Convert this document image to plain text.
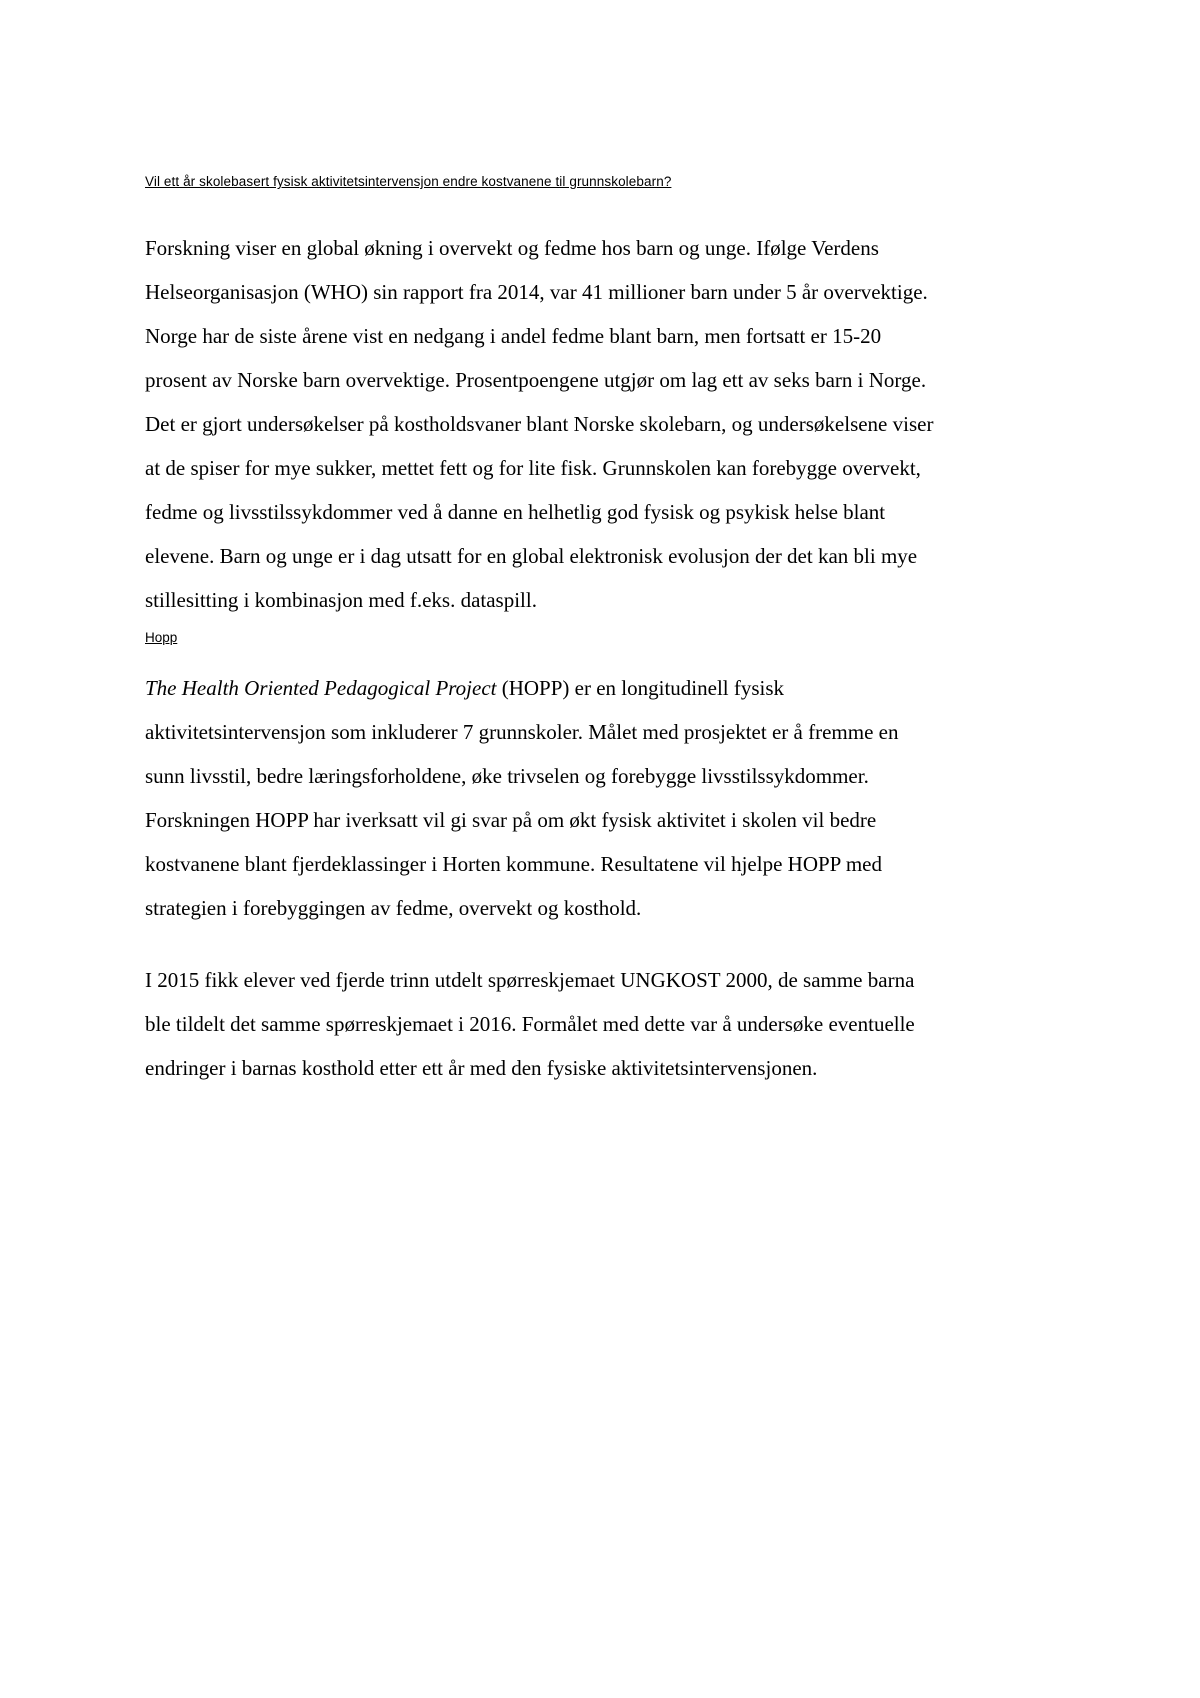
Vil ett år skolebasert fysisk aktivitetsintervensjon endre kostvanene til grunnskolebarn?
Forskning viser en global økning i overvekt og fedme hos barn og unge. Ifølge Verdens
Helseorganisasjon (WHO) sin rapport fra 2014, var 41 millioner barn under 5 år overvektige.
Norge har de siste årene vist en nedgang i andel fedme blant barn, men fortsatt er 15-20
prosent av Norske barn overvektige. Prosentpoengene utgjør om lag ett av seks barn i Norge.
Det er gjort undersøkelser på kostholdsvaner blant Norske skolebarn, og undersøkelsene viser
at de spiser for mye sukker, mettet fett og for lite fisk. Grunnskolen kan forebygge overvekt,
fedme og livsstilssykdommer ved å danne en helhetlig god fysisk og psykisk helse blant
elevene. Barn og unge er i dag utsatt for en global elektronisk evolusjon der det kan bli mye
stillesitting i kombinasjon med f.eks. dataspill.
Hopp
The Health Oriented Pedagogical Project (HOPP) er en longitudinell fysisk
aktivitetsintervensjon som inkluderer 7 grunnskoler. Målet med prosjektet er å fremme en
sunn livsstil, bedre læringsforholdene, øke trivselen og forebygge livsstilssykdommer.
Forskningen HOPP har iverksatt vil gi svar på om økt fysisk aktivitet i skolen vil bedre
kostvanene blant fjerdeklassinger i Horten kommune. Resultatene vil hjelpe HOPP med
strategien i forebyggingen av fedme, overvekt og kosthold.
I 2015 fikk elever ved fjerde trinn utdelt spørreskjemaet UNGKOST 2000, de samme barna
ble tildelt det samme spørreskjemaet i 2016. Formålet med dette var å undersøke eventuelle
endringer i barnas kosthold etter ett år med den fysiske aktivitetsintervensjonen.
